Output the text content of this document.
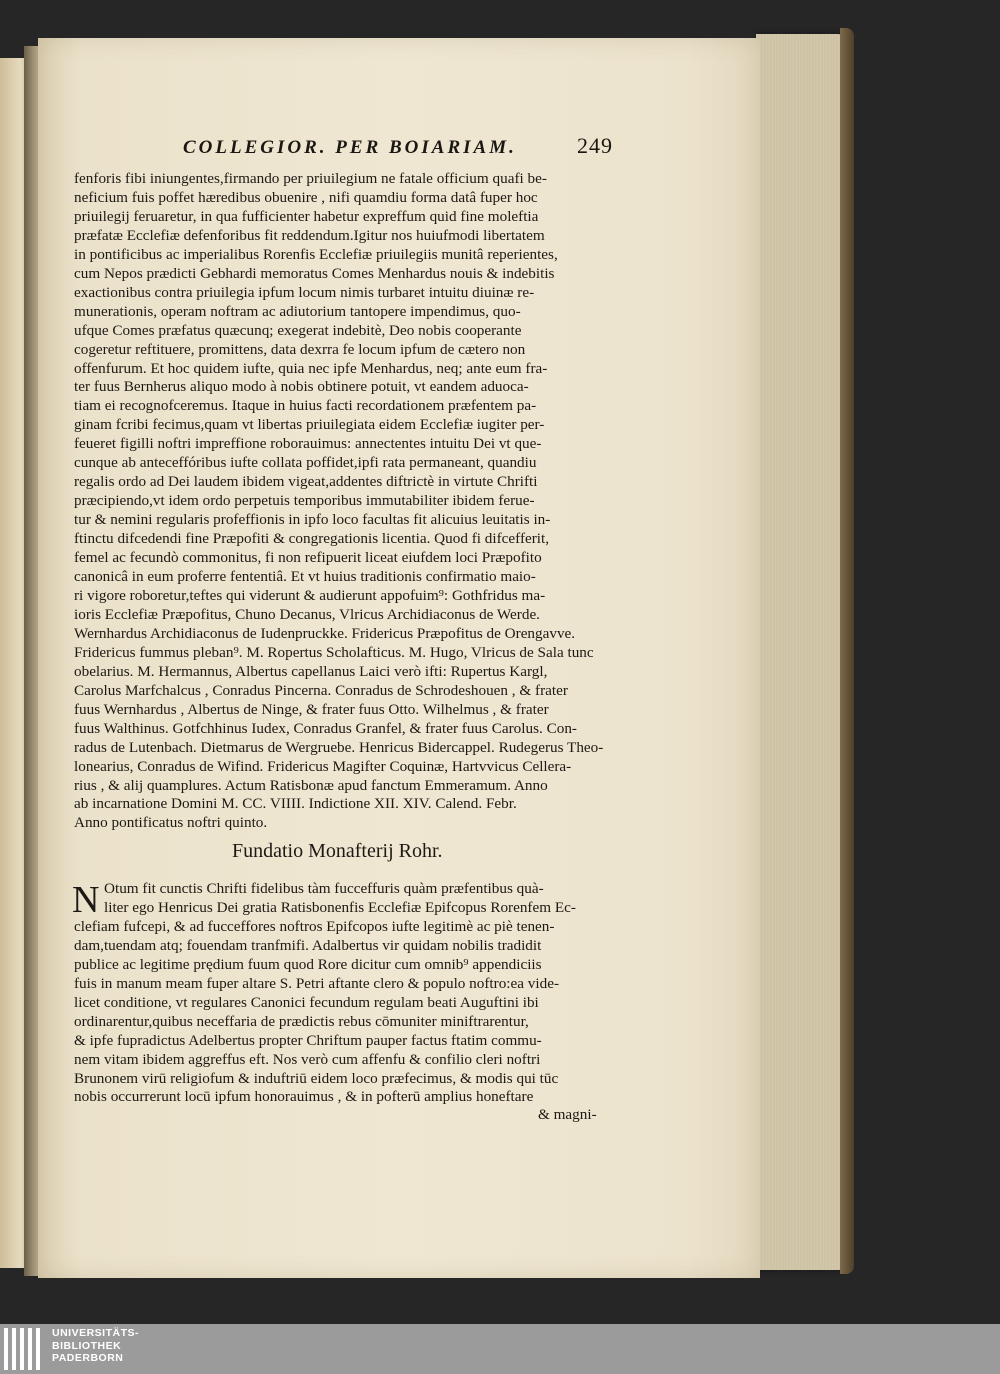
COLLEGIOR. PER BOIARIAM.	249
fenforis fibi iniungentes,firmando per priuilegium ne fatale officium quafi be-
neficium fuis poffet hæredibus obuenire , nifi quamdiu forma datâ fuper hoc
priuilegij feruaretur, in qua fufficienter habetur expreffum quid fine moleftia
præfatæ Ecclefiæ defenforibus fit reddendum.Igitur nos huiufmodi libertatem
in pontificibus ac imperialibus Rorenfis Ecclefiæ priuilegiis munitâ reperientes,
cum Nepos prædicti Gebhardi memoratus Comes Menhardus nouis & indebitis
exactionibus contra priuilegia ipfum locum nimis turbaret intuitu diuinæ re-
munerationis, operam noftram ac adiutorium tantopere impendimus, quo-
ufque Comes præfatus quæcunq; exegerat indebitè, Deo nobis cooperante
cogeretur reftituere, promittens, data dexrra fe locum ipfum de cætero non
offenfurum. Et hoc quidem iufte, quia nec ipfe Menhardus, neq; ante eum fra-
ter fuus Bernherus aliquo modo à nobis obtinere potuit, vt eandem aduoca-
tiam ei recognofceremus. Itaque in huius facti recordationem præfentem pa-
ginam fcribi fecimus,quam vt libertas priuilegiata eidem Ecclefiæ iugiter per-
feueret figilli noftri impreffione roborauimus: annectentes intuitu Dei vt que-
cunque ab anteceffóribus iufte collata poffidet,ipfi rata permaneant, quandiu
regalis ordo ad Dei laudem ibidem vigeat,addentes diftrictè in virtute Chrifti
præcipiendo,vt idem ordo perpetuis temporibus immutabiliter ibidem ferue-
tur & nemini regularis profeffionis in ipfo loco facultas fit alicuius leuitatis in-
ftinctu difcedendi fine Præpofiti & congregationis licentia. Quod fi difcefferit,
femel ac fecundò commonitus, fi non refipuerit liceat eiufdem loci Præpofito
canonicâ in eum proferre fententiâ. Et vt huius traditionis confirmatio maio-
ri vigore roboretur,teftes qui viderunt & audierunt appofuim⁹: Gothfridus ma-
ioris Ecclefiæ Præpofitus, Chuno Decanus, Vlricus Archidiaconus de Werde.
Wernhardus Archidiaconus de Iudenpruckke. Fridericus Præpofitus de Orengavve.
Fridericus fummus pleban⁹. M. Ropertus Scholafticus. M. Hugo, Vlricus de Sala tunc
obelarius. M. Hermannus, Albertus capellanus Laici verò ifti: Rupertus Kargl,
Carolus Marfchalcus , Conradus Pincerna. Conradus de Schrodeshouen , & frater
fuus Wernhardus , Albertus de Ninge, & frater fuus Otto. Wilhelmus , & frater
fuus Walthinus. Gotfchhinus Iudex, Conradus Granfel, & frater fuus Carolus. Con-
radus de Lutenbach. Dietmarus de Wergruebe. Henricus Bidercappel. Rudegerus Theo-
lonearius, Conradus de Wifind. Fridericus Magifter Coquinæ, Hartvvicus Cellera-
rius , & alij quamplures. Actum Ratisbonæ apud fanctum Emmeramum. Anno
ab incarnatione Domini M. CC. VIIII. Indictione XII. XIV. Calend. Febr.
Anno pontificatus noftri quinto.
Fundatio Monafterij Rohr.
N Otum fit cunctis Chrifti fidelibus tàm fucceffuris quàm præfentibus quà-
liter ego Henricus Dei gratia Ratisbonenfis Ecclefiæ Epifcopus Rorenfem Ec-
clefiam fufcepi, & ad fucceffores noftros Epifcopos iufte legitimè ac piè tenen-
dam,tuendam atq; fouendam tranfmifi. Adalbertus vir quidam nobilis tradidit
publice ac legitime prędium fuum quod Rore dicitur cum omnib⁹ appendiciis
fuis in manum meam fuper altare S. Petri aftante clero & populo noftro:ea vide-
licet conditione, vt regulares Canonici fecundum regulam beati Auguftini ibi
ordinarentur,quibus neceffaria de prædictis rebus cōmuniter miniftrarentur,
& ipfe fupradictus Adelbertus propter Chriftum pauper factus ftatim commu-
nem vitam ibidem aggreffus eft. Nos verò cum affenfu & confilio cleri noftri
Brunonem virū religiofum & induftriū eidem loco præfecimus, & modis qui tūc
nobis occurrerunt locū ipfum honorauimus , & in pofterū amplius honeftare
& magni-
UNIVERSITÄTS-
BIBLIOTHEK
PADERBORN
